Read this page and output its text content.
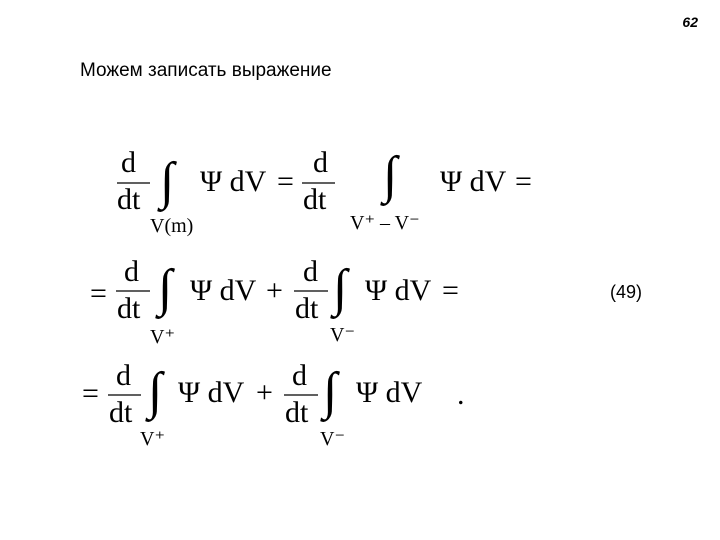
62
Можем записать выражение
(49)
d
dt ∫
V(m)
Ψ dV =
d
dt ∫
V⁺ – V⁻
Ψ dV =
=
d
dt ∫
V⁺
Ψ dV +
d
dt ∫
V⁻
Ψ dV =
=
d
dt ∫
V⁺
Ψ dV +
d
dt ∫
V⁻
Ψ dV .
